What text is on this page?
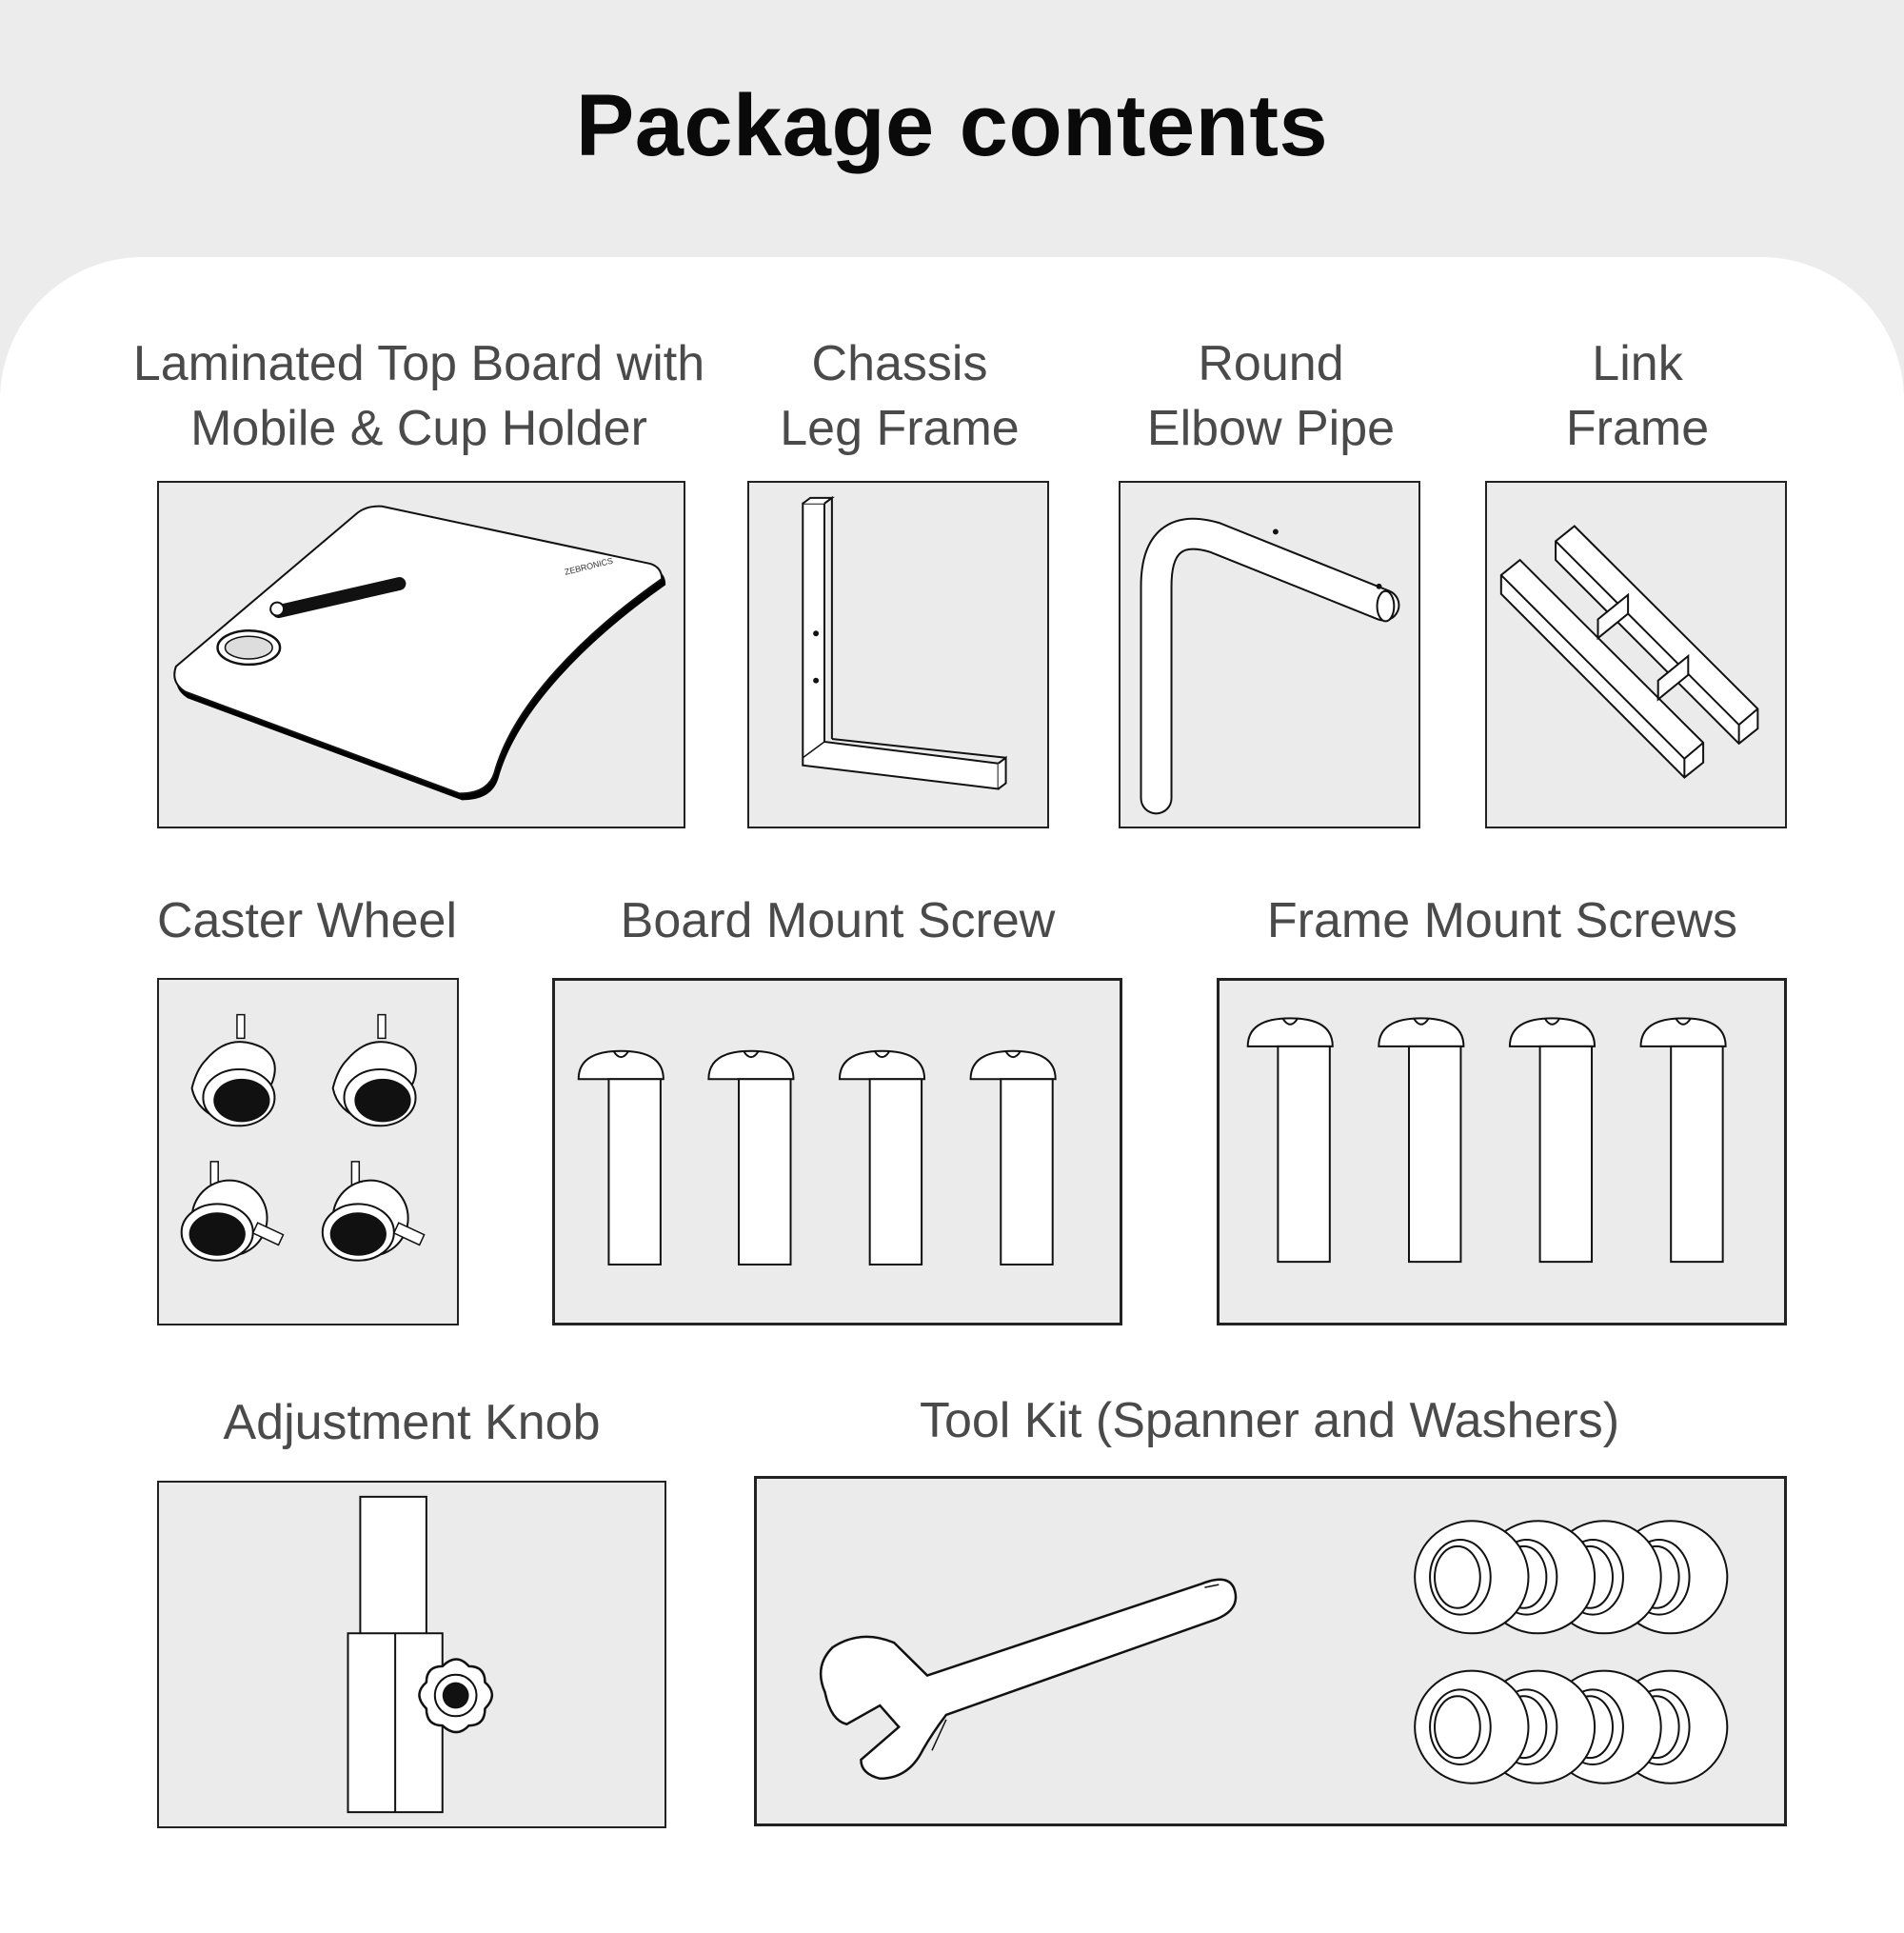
Package contents
Laminated Top Board with
Mobile & Cup Holder
Chassis
Leg Frame
Round
Elbow Pipe
Link
Frame
ZEBRONICS
Caster Wheel	Board Mount Screw	Frame Mount Screws
Adjustment Knob	Tool Kit (Spanner and Washers)
